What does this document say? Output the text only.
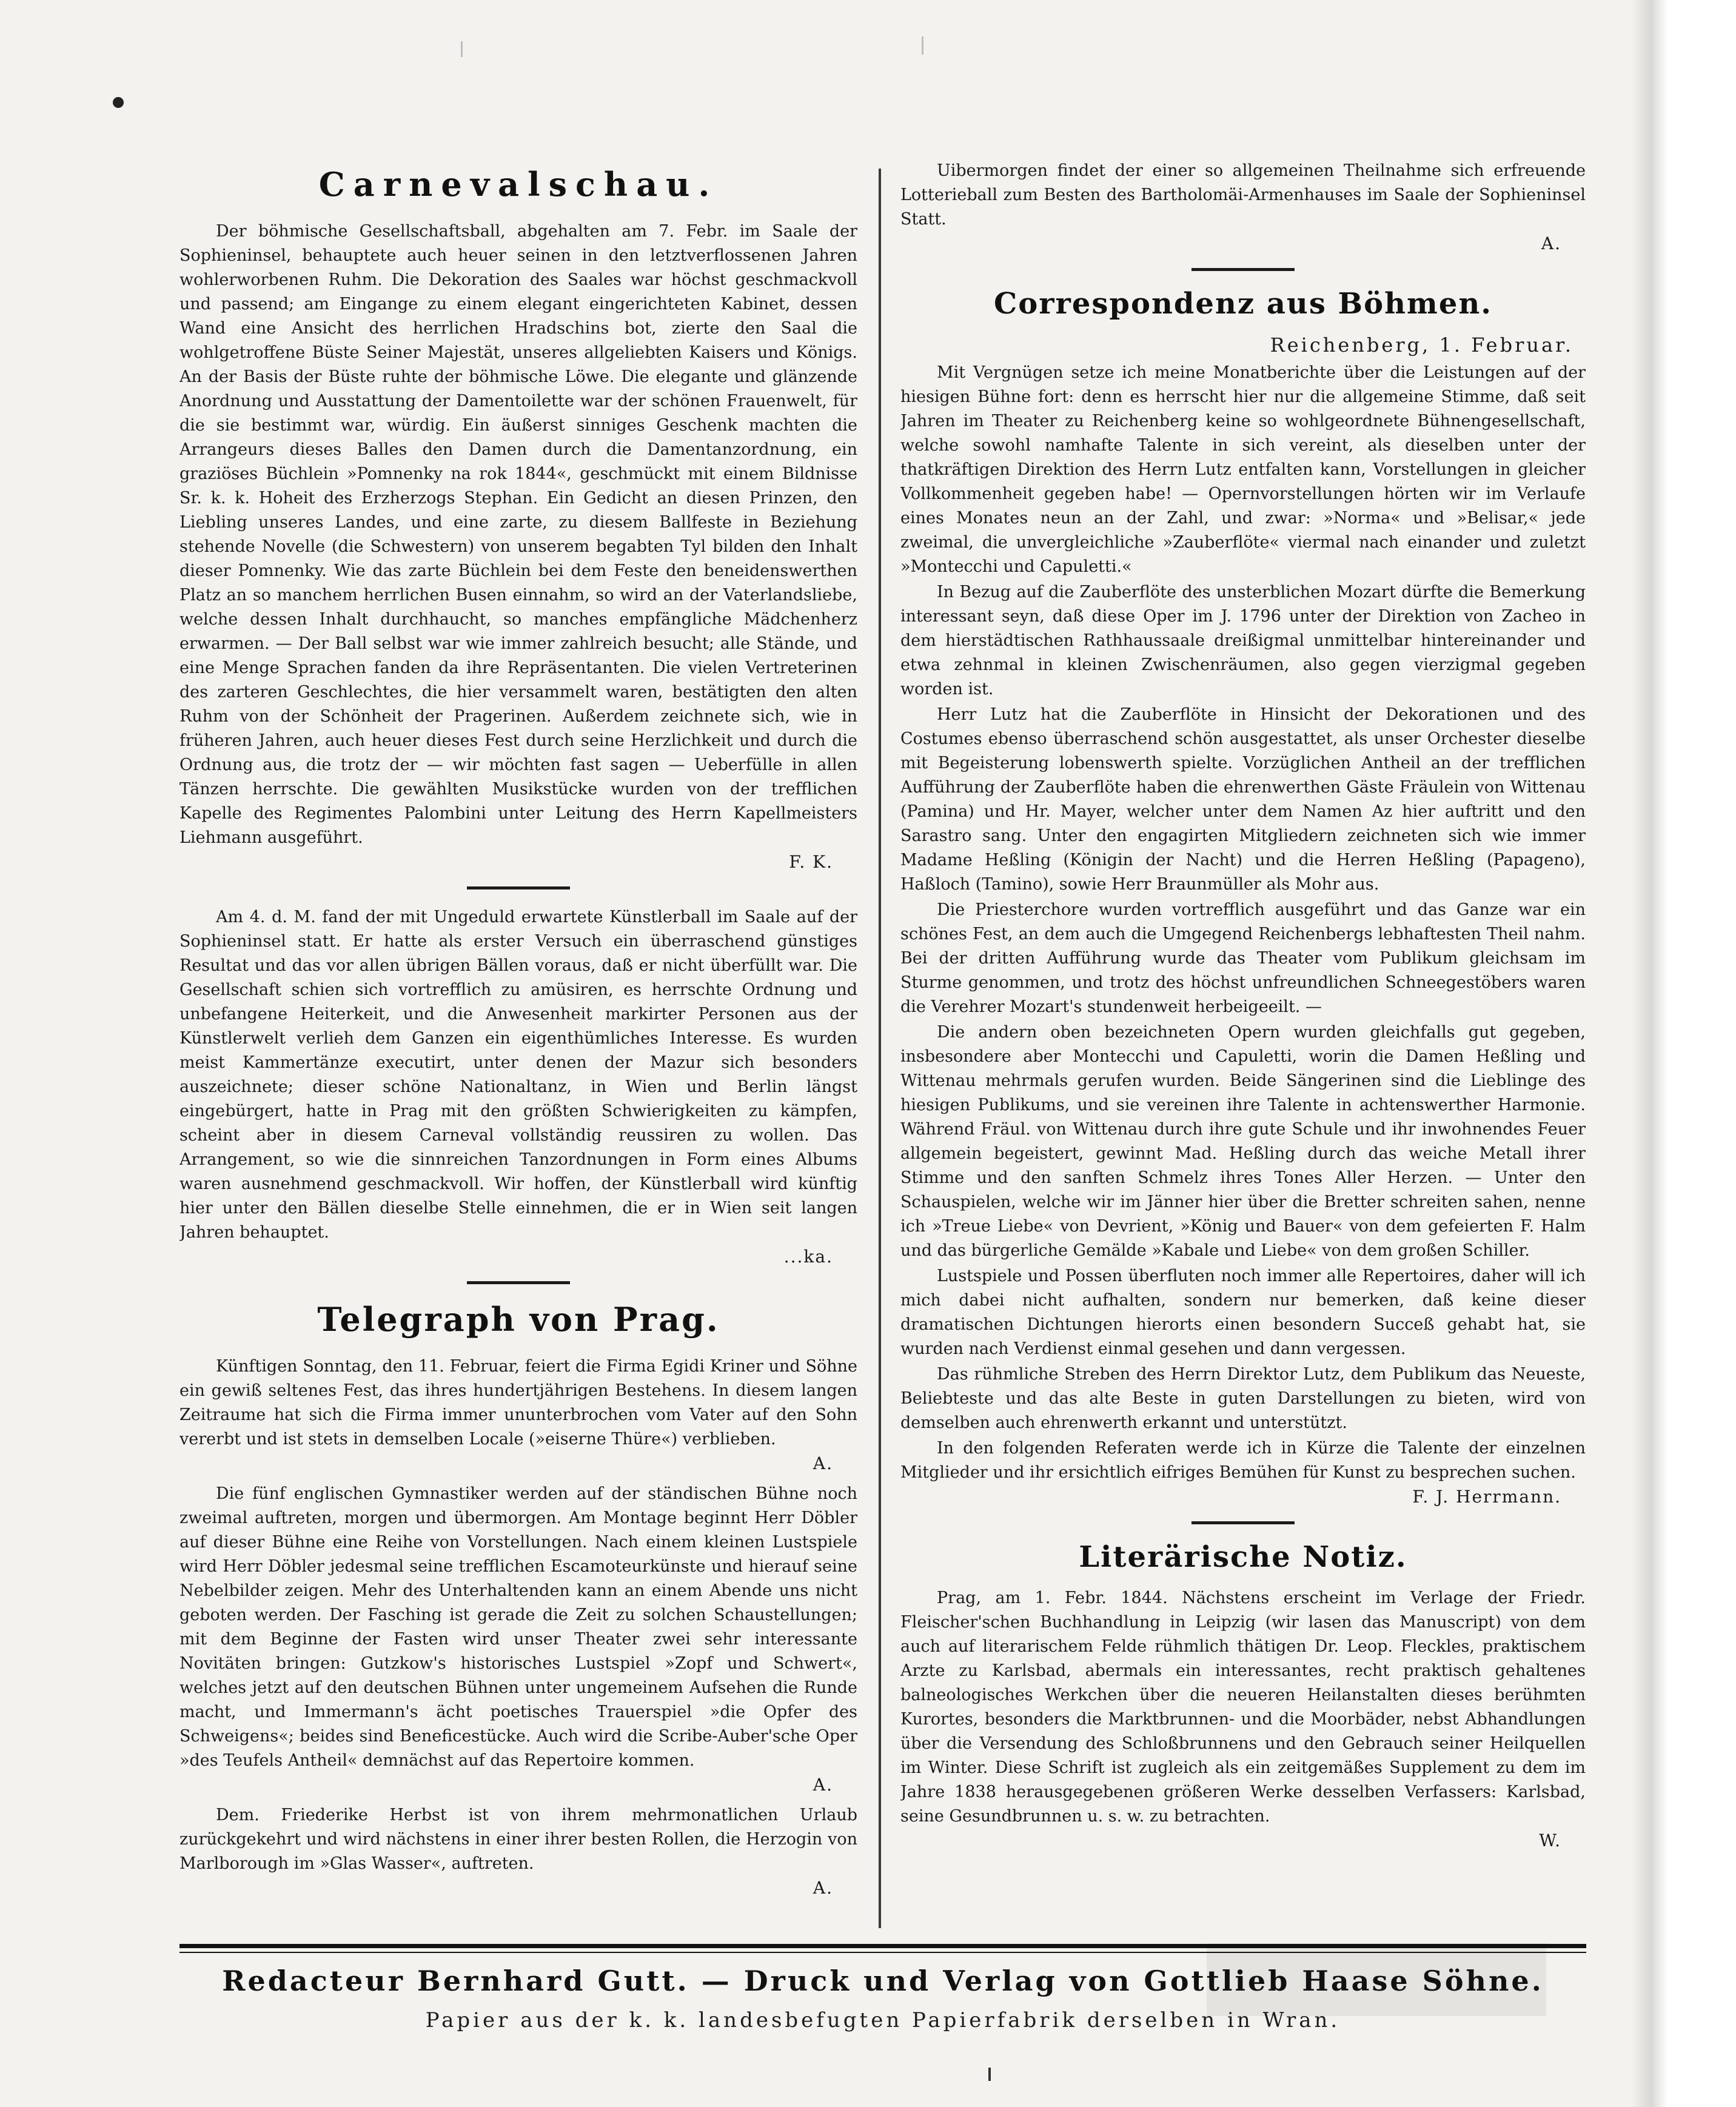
Carnevalschau.

Der böhmische Gesellschaftsball, abgehalten am 7. Febr. im Saale der Sophieninsel, behauptete auch heuer seinen in den letztverflossenen Jahren wohlerworbenen Ruhm. Die Dekoration des Saales war höchst geschmackvoll und passend; am Eingange zu einem elegant eingerichteten Kabinet, dessen Wand eine Ansicht des herrlichen Hradschins bot, zierte den Saal die wohlgetroffene Büste Seiner Majestät, unseres allgeliebten Kaisers und Königs. An der Basis der Büste ruhte der böhmische Löwe. Die elegante und glänzende Anordnung und Ausstattung der Damentoilette war der schönen Frauenwelt, für die sie bestimmt war, würdig. Ein äußerst sinniges Geschenk machten die Arrangeurs dieses Balles den Damen durch die Damentanzordnung, ein graziöses Büchlein »Pomnenky na rok 1844«, geschmückt mit einem Bildnisse Sr. k. k. Hoheit des Erzherzogs Stephan. Ein Gedicht an diesen Prinzen, den Liebling unseres Landes, und eine zarte, zu diesem Ballfeste in Beziehung stehende Novelle (die Schwestern) von unserem begabten Tyl bilden den Inhalt dieser Pomnenky. Wie das zarte Büchlein bei dem Feste den beneidenswerthen Platz an so manchem herrlichen Busen einnahm, so wird an der Vaterlandsliebe, welche dessen Inhalt durchhaucht, so manches empfängliche Mädchenherz erwarmen. — Der Ball selbst war wie immer zahlreich besucht; alle Stände, und eine Menge Sprachen fanden da ihre Repräsentanten. Die vielen Vertreterinen des zarteren Geschlechtes, die hier versammelt waren, bestätigten den alten Ruhm von der Schönheit der Pragerinen. Außerdem zeichnete sich, wie in früheren Jahren, auch heuer dieses Fest durch seine Herzlichkeit und durch die Ordnung aus, die trotz der — wir möchten fast sagen — Ueberfülle in allen Tänzen herrschte. Die gewählten Musikstücke wurden von der trefflichen Kapelle des Regimentes Palombini unter Leitung des Herrn Kapellmeisters Liehmann ausgeführt.

F. K.

Am 4. d. M. fand der mit Ungeduld erwartete Künstlerball im Saale auf der Sophieninsel statt. Er hatte als erster Versuch ein überraschend günstiges Resultat und das vor allen übrigen Bällen voraus, daß er nicht überfüllt war. Die Gesellschaft schien sich vortrefflich zu amüsiren, es herrschte Ordnung und unbefangene Heiterkeit, und die Anwesenheit markirter Personen aus der Künstlerwelt verlieh dem Ganzen ein eigenthümliches Interesse. Es wurden meist Kammertänze executirt, unter denen der Mazur sich besonders auszeichnete; dieser schöne Nationaltanz, in Wien und Berlin längst eingebürgert, hatte in Prag mit den größten Schwierigkeiten zu kämpfen, scheint aber in diesem Carneval vollständig reussiren zu wollen. Das Arrangement, so wie die sinnreichen Tanzordnungen in Form eines Albums waren ausnehmend geschmackvoll. Wir hoffen, der Künstlerball wird künftig hier unter den Bällen dieselbe Stelle einnehmen, die er in Wien seit langen Jahren behauptet.

...ka.
Telegraph von Prag.

Künftigen Sonntag, den 11. Februar, feiert die Firma Egidi Kriner und Söhne ein gewiß seltenes Fest, das ihres hundertjährigen Bestehens. In diesem langen Zeitraume hat sich die Firma immer ununterbrochen vom Vater auf den Sohn vererbt und ist stets in demselben Locale (»eiserne Thüre«) verblieben.

A.

Die fünf englischen Gymnastiker werden auf der ständischen Bühne noch zweimal auftreten, morgen und übermorgen. Am Montage beginnt Herr Döbler auf dieser Bühne eine Reihe von Vorstellungen. Nach einem kleinen Lustspiele wird Herr Döbler jedesmal seine trefflichen Escamoteurkünste und hierauf seine Nebelbilder zeigen. Mehr des Unterhaltenden kann an einem Abende uns nicht geboten werden. Der Fasching ist gerade die Zeit zu solchen Schaustellungen; mit dem Beginne der Fasten wird unser Theater zwei sehr interessante Novitäten bringen: Gutzkow's historisches Lustspiel »Zopf und Schwert«, welches jetzt auf den deutschen Bühnen unter ungemeinem Aufsehen die Runde macht, und Immermann's ächt poetisches Trauerspiel »die Opfer des Schweigens«; beides sind Beneficestücke. Auch wird die Scribe-Auber'sche Oper »des Teufels Antheil« demnächst auf das Repertoire kommen.

A.

Dem. Friederike Herbst ist von ihrem mehrmonatlichen Urlaub zurückgekehrt und wird nächstens in einer ihrer besten Rollen, die Herzogin von Marlborough im »Glas Wasser«, auftreten.

A.

Uibermorgen findet der einer so allgemeinen Theilnahme sich erfreuende Lotterieball zum Besten des Bartholomäi-Armenhauses im Saale der Sophieninsel Statt.

A.
Correspondenz aus Böhmen.
Reichenberg, 1. Februar.

Mit Vergnügen setze ich meine Monatberichte über die Leistungen auf der hiesigen Bühne fort: denn es herrscht hier nur die allgemeine Stimme, daß seit Jahren im Theater zu Reichenberg keine so wohlgeordnete Bühnengesellschaft, welche sowohl namhafte Talente in sich vereint, als dieselben unter der thatkräftigen Direktion des Herrn Lutz entfalten kann, Vorstellungen in gleicher Vollkommenheit gegeben habe! — Opernvorstellungen hörten wir im Verlaufe eines Monates neun an der Zahl, und zwar: »Norma« und »Belisar,« jede zweimal, die unvergleichliche »Zauberflöte« viermal nach einander und zuletzt »Montecchi und Capuletti.«

In Bezug auf die Zauberflöte des unsterblichen Mozart dürfte die Bemerkung interessant seyn, daß diese Oper im J. 1796 unter der Direktion von Zacheo in dem hierstädtischen Rathhaussaale dreißigmal unmittelbar hintereinander und etwa zehnmal in kleinen Zwischenräumen, also gegen vierzigmal gegeben worden ist.

Herr Lutz hat die Zauberflöte in Hinsicht der Dekorationen und des Costumes ebenso überraschend schön ausgestattet, als unser Orchester dieselbe mit Begeisterung lobenswerth spielte. Vorzüglichen Antheil an der trefflichen Aufführung der Zauberflöte haben die ehrenwerthen Gäste Fräulein von Wittenau (Pamina) und Hr. Mayer, welcher unter dem Namen Az hier auftritt und den Sarastro sang. Unter den engagirten Mitgliedern zeichneten sich wie immer Madame Heßling (Königin der Nacht) und die Herren Heßling (Papageno), Haßloch (Tamino), sowie Herr Braunmüller als Mohr aus.

Die Priesterchore wurden vortrefflich ausgeführt und das Ganze war ein schönes Fest, an dem auch die Umgegend Reichenbergs lebhaftesten Theil nahm. Bei der dritten Aufführung wurde das Theater vom Publikum gleichsam im Sturme genommen, und trotz des höchst unfreundlichen Schneegestöbers waren die Verehrer Mozart's stundenweit herbeigeeilt. —

Die andern oben bezeichneten Opern wurden gleichfalls gut gegeben, insbesondere aber Montecchi und Capuletti, worin die Damen Heßling und Wittenau mehrmals gerufen wurden. Beide Sängerinen sind die Lieblinge des hiesigen Publikums, und sie vereinen ihre Talente in achtenswerther Harmonie. Während Fräul. von Wittenau durch ihre gute Schule und ihr inwohnendes Feuer allgemein begeistert, gewinnt Mad. Heßling durch das weiche Metall ihrer Stimme und den sanften Schmelz ihres Tones Aller Herzen. — Unter den Schauspielen, welche wir im Jänner hier über die Bretter schreiten sahen, nenne ich »Treue Liebe« von Devrient, »König und Bauer« von dem gefeierten F. Halm und das bürgerliche Gemälde »Kabale und Liebe« von dem großen Schiller.

Lustspiele und Possen überfluten noch immer alle Repertoires, daher will ich mich dabei nicht aufhalten, sondern nur bemerken, daß keine dieser dramatischen Dichtungen hierorts einen besondern Succeß gehabt hat, sie wurden nach Verdienst einmal gesehen und dann vergessen.

Das rühmliche Streben des Herrn Direktor Lutz, dem Publikum das Neueste, Beliebteste und das alte Beste in guten Darstellungen zu bieten, wird von demselben auch ehrenwerth erkannt und unterstützt.

In den folgenden Referaten werde ich in Kürze die Talente der einzelnen Mitglieder und ihr ersichtlich eifriges Bemühen für Kunst zu besprechen suchen.

F. J. Herrmann.
Literärische Notiz.

Prag, am 1. Febr. 1844. Nächstens erscheint im Verlage der Friedr. Fleischer'schen Buchhandlung in Leipzig (wir lasen das Manuscript) von dem auch auf literarischem Felde rühmlich thätigen Dr. Leop. Fleckles, praktischem Arzte zu Karlsbad, abermals ein interessantes, recht praktisch gehaltenes balneologisches Werkchen über die neueren Heilanstalten dieses berühmten Kurortes, besonders die Marktbrunnen- und die Moorbäder, nebst Abhandlungen über die Versendung des Schloßbrunnens und den Gebrauch seiner Heilquellen im Winter. Diese Schrift ist zugleich als ein zeitgemäßes Supplement zu dem im Jahre 1838 herausgegebenen größeren Werke desselben Verfassers: Karlsbad, seine Gesundbrunnen u. s. w. zu betrachten.

W.
Redacteur Bernhard Gutt. — Druck und Verlag von Gottlieb Haase Söhne.
Papier aus der k. k. landesbefugten Papierfabrik derselben in Wran.
